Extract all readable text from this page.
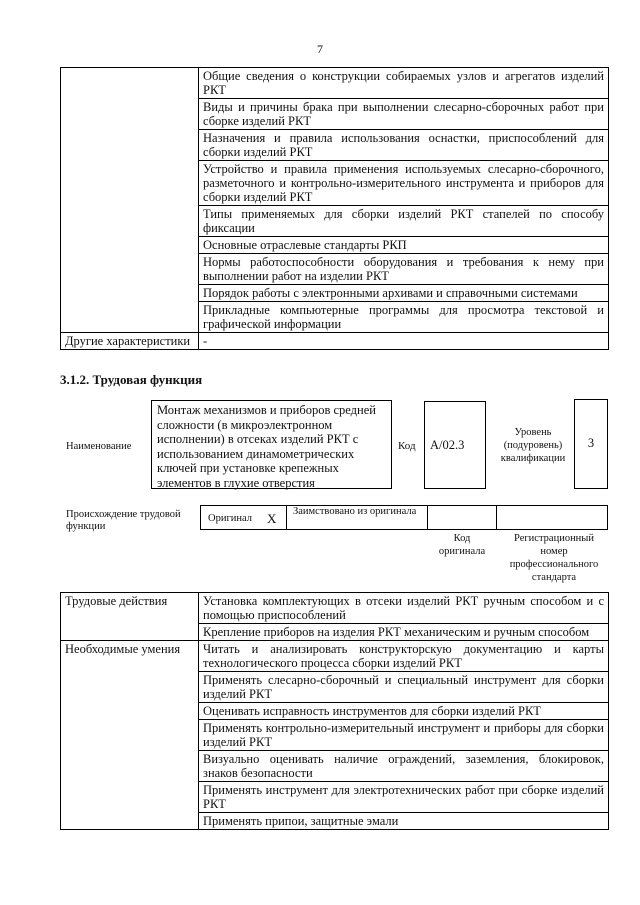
7
	Общие сведения о конструкции собираемых узлов и агрегатов изделий РКТ
	Виды и причины брака при выполнении слесарно-сборочных работ при сборке изделий РКТ
	Назначения и правила использования оснастки, приспособлений для сборки изделий РКТ
	Устройство и правила применения используемых слесарно-сборочного, разметочного и контрольно-измерительного инструмента и приборов для сборки изделий РКТ
	Типы применяемых для сборки изделий РКТ стапелей по способу фиксации
	Основные отраслевые стандарты РКП
	Нормы работоспособности оборудования и требования к нему при выполнении работ на изделии РКТ
	Порядок работы с электронными архивами и справочными системами
	Прикладные компьютерные программы для просмотра текстовой и графической информации
Другие характеристики	-
3.1.2. Трудовая функция
Наименование
Монтаж механизмов и приборов средней сложности (в микроэлектронном исполнении) в отсеках изделий РКТ с использованием динамометрических ключей при установке крепежных элементов в глухие отверстия
Код	A/02.3
Уровень (подуровень) квалификации
3
Происхождение трудовой функции
Оригинал X	Заимствовано из оригинала
Код оригинала
Регистрационный номер профессионального стандарта
Трудовые действия	Установка комплектующих в отсеки изделий РКТ ручным способом и с помощью приспособлений
	Крепление приборов на изделия РКТ механическим и ручным способом
Необходимые умения	Читать и анализировать конструкторскую документацию и карты технологического процесса сборки изделий РКТ
	Применять слесарно-сборочный и специальный инструмент для сборки изделий РКТ
	Оценивать исправность инструментов для сборки изделий РКТ
	Применять контрольно-измерительный инструмент и приборы для сборки изделий РКТ
	Визуально оценивать наличие ограждений, заземления, блокировок, знаков безопасности
	Применять инструмент для электротехнических работ при сборке изделий РКТ
	Применять припои, защитные эмали
